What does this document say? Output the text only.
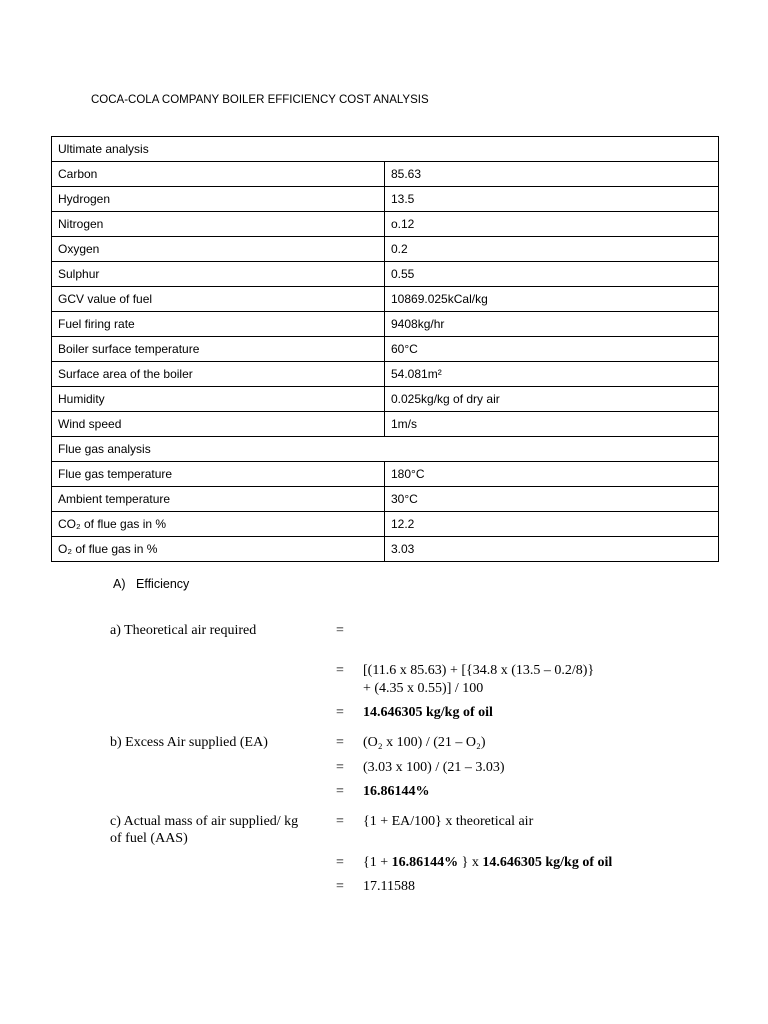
COCA-COLA COMPANY BOILER EFFICIENCY COST ANALYSIS
Ultimate analysis	
Carbon	85.63
Hydrogen	13.5
Nitrogen	o.12
Oxygen	0.2
Sulphur	0.55
GCV value of fuel	10869.025kCal/kg
Fuel firing rate	9408kg/hr
Boiler surface temperature	60°C
Surface area of the boiler	54.081m²
Humidity	0.025kg/kg of dry air
Wind speed	1m/s
Flue gas analysis	
Flue gas temperature	180°C
Ambient temperature	30°C
CO₂ of flue gas in %	12.2
O₂ of flue gas in %	3.03
A) Efficiency
a) Theoretical air required	=
= [(11.6 x 85.63) + [{34.8 x (13.5 – 0.2/8)}
+ (4.35 x 0.55)] / 100
= 14.646305 kg/kg of oil
b) Excess Air supplied (EA)	= (O₂ x 100) / (21 – O₂)
= (3.03 x 100) / (21 – 3.03)
= 16.86144%
c) Actual mass of air supplied/ kg
of fuel (AAS)
= {1 + EA/100} x theoretical air
= {1 + 16.86144% } x 14.646305 kg/kg of oil
= 17.11588
